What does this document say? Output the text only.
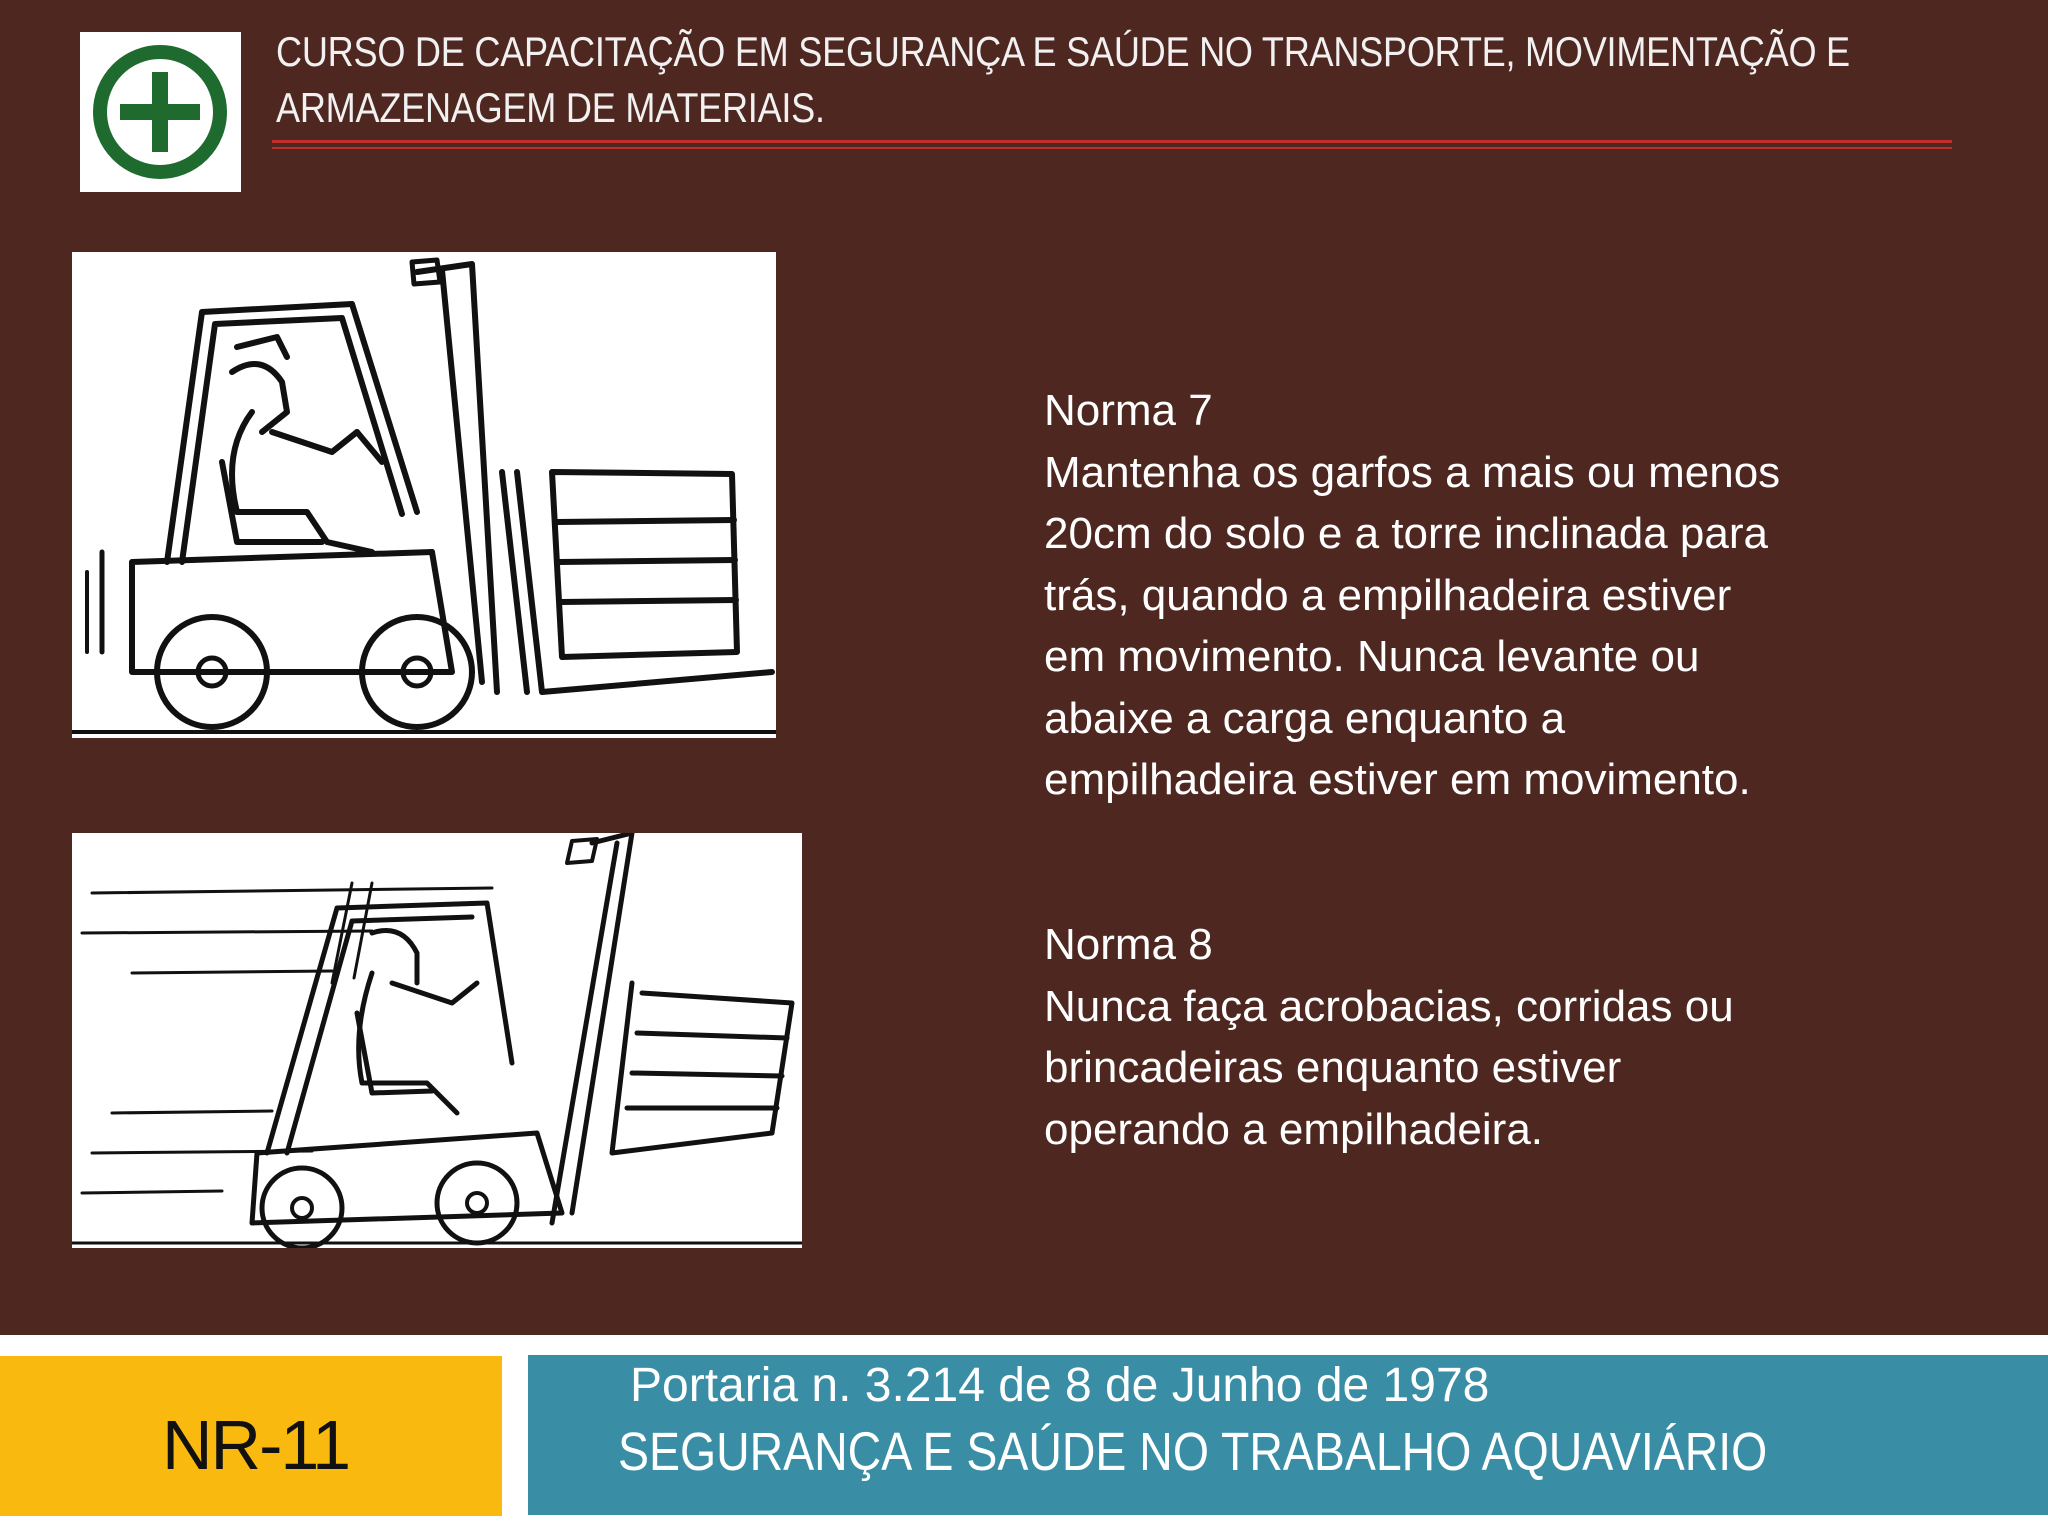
CURSO DE CAPACITAÇÃO EM SEGURANÇA E SAÚDE NO TRANSPORTE, MOVIMENTAÇÃO E
ARMAZENAGEM DE MATERIAIS.

Norma 7

Mantenha os garfos a mais ou menos

20cm do solo e a torre inclinada para

trás, quando a empilhadeira estiver

em movimento. Nunca levante ou

abaixe a carga enquanto a

empilhadeira estiver em movimento.

Norma 8

Nunca faça acrobacias, corridas ou

brincadeiras enquanto estiver

operando a empilhadeira.

NR-11
Portaria n. 3.214 de 8 de Junho de 1978
SEGURANÇA E SAÚDE NO TRABALHO AQUAVIÁRIO
